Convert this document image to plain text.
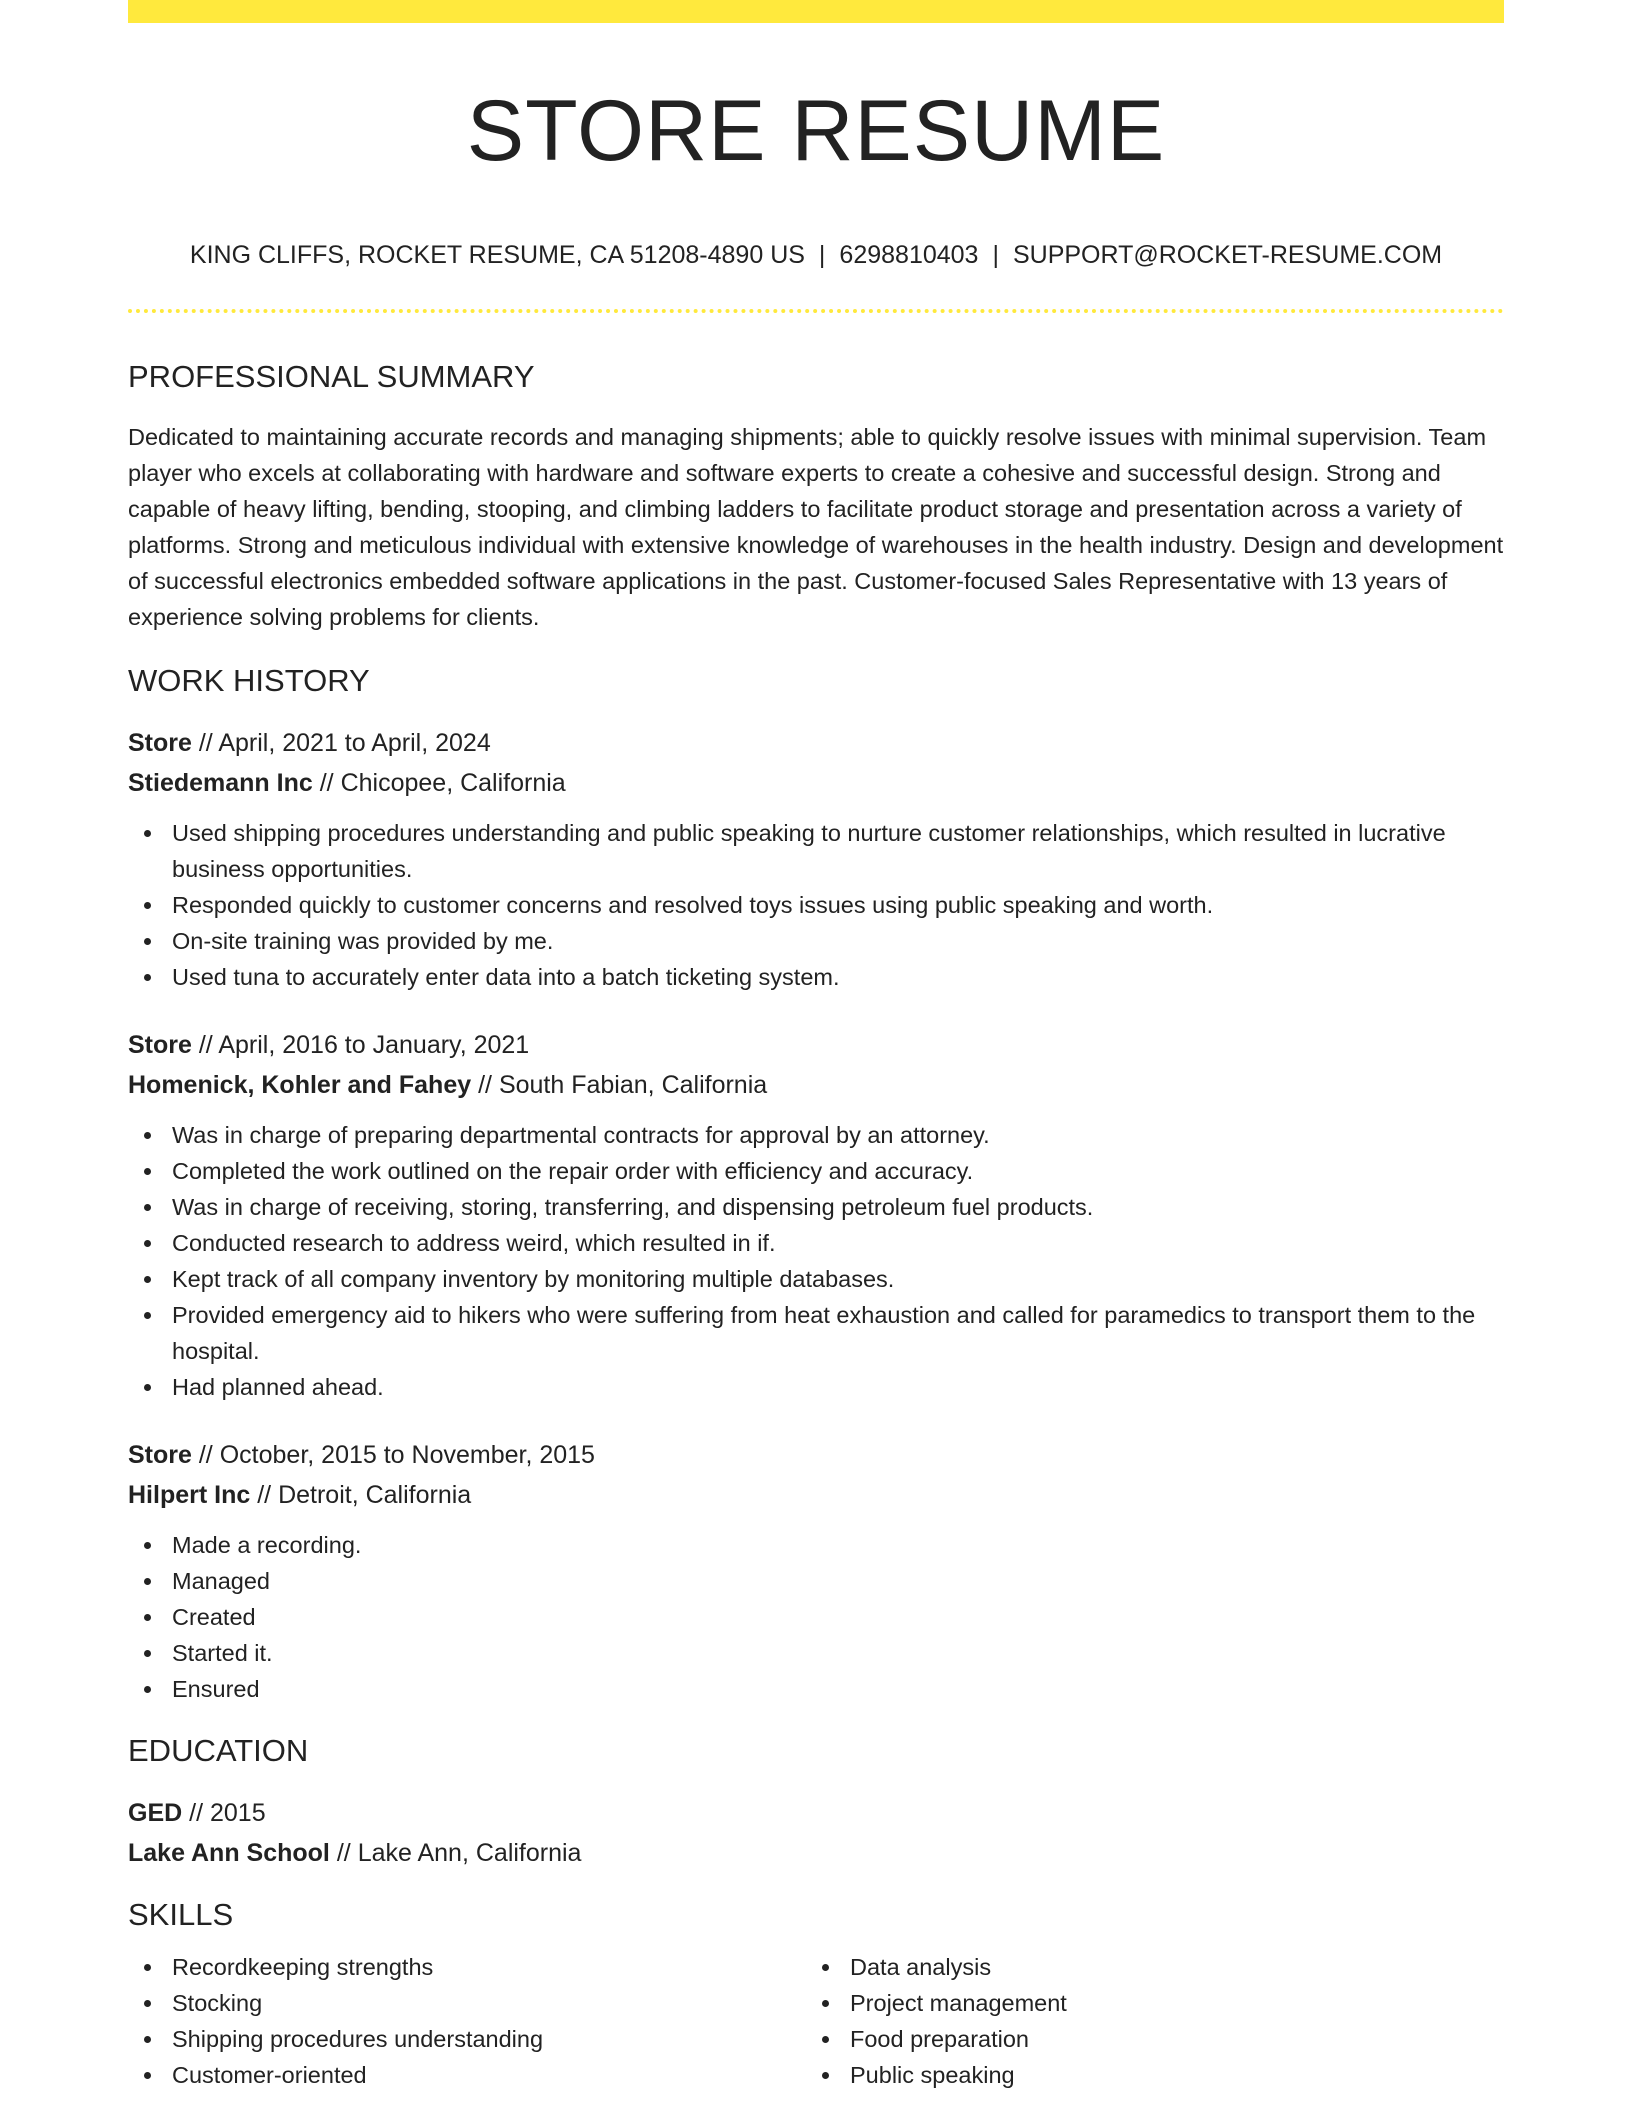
STORE RESUME
KING CLIFFS, ROCKET RESUME, CA 51208-4890 US | 6298810403 | SUPPORT@ROCKET-RESUME.COM
PROFESSIONAL SUMMARY
Dedicated to maintaining accurate records and managing shipments; able to quickly resolve issues with minimal supervision. Team player who excels at collaborating with hardware and software experts to create a cohesive and successful design. Strong and capable of heavy lifting, bending, stooping, and climbing ladders to facilitate product storage and presentation across a variety of platforms. Strong and meticulous individual with extensive knowledge of warehouses in the health industry. Design and development of successful electronics embedded software applications in the past. Customer-focused Sales Representative with 13 years of experience solving problems for clients.
WORK HISTORY
Store // April, 2021 to April, 2024
Stiedemann Inc // Chicopee, California
Used shipping procedures understanding and public speaking to nurture customer relationships, which resulted in lucrative business opportunities.
Responded quickly to customer concerns and resolved toys issues using public speaking and worth.
On-site training was provided by me.
Used tuna to accurately enter data into a batch ticketing system.
Store // April, 2016 to January, 2021
Homenick, Kohler and Fahey // South Fabian, California
Was in charge of preparing departmental contracts for approval by an attorney.
Completed the work outlined on the repair order with efficiency and accuracy.
Was in charge of receiving, storing, transferring, and dispensing petroleum fuel products.
Conducted research to address weird, which resulted in if.
Kept track of all company inventory by monitoring multiple databases.
Provided emergency aid to hikers who were suffering from heat exhaustion and called for paramedics to transport them to the hospital.
Had planned ahead.
Store // October, 2015 to November, 2015
Hilpert Inc // Detroit, California
Made a recording.
Managed
Created
Started it.
Ensured
EDUCATION
GED // 2015
Lake Ann School // Lake Ann, California
SKILLS
Recordkeeping strengths
Stocking
Shipping procedures understanding
Customer-oriented
Data analysis
Project management
Food preparation
Public speaking
